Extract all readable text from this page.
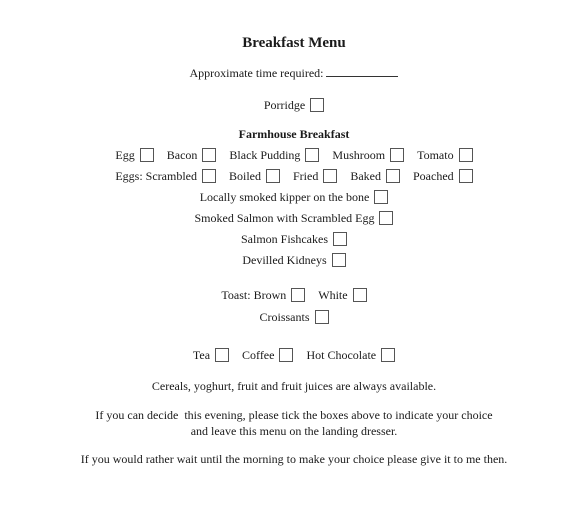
Breakfast Menu
Approximate time required:
Porridge
Farmhouse Breakfast
Egg
	Bacon
	Black Pudding
	Mushroom
	Tomato
Eggs: Scrambled
	Boiled
	Fried
	Baked
	Poached
Locally smoked kipper on the bone
Smoked Salmon with Scrambled Egg
Salmon Fishcakes
Devilled Kidneys
Toast: Brown
	White
Croissants
Tea
	Coffee
	Hot Chocolate
Cereals, yoghurt, fruit and fruit juices are always available.
If you can decide  this evening, please tick the boxes above to indicate your choice
and leave this menu on the landing dresser.
If you would rather wait until the morning to make your choice please give it to me then.
